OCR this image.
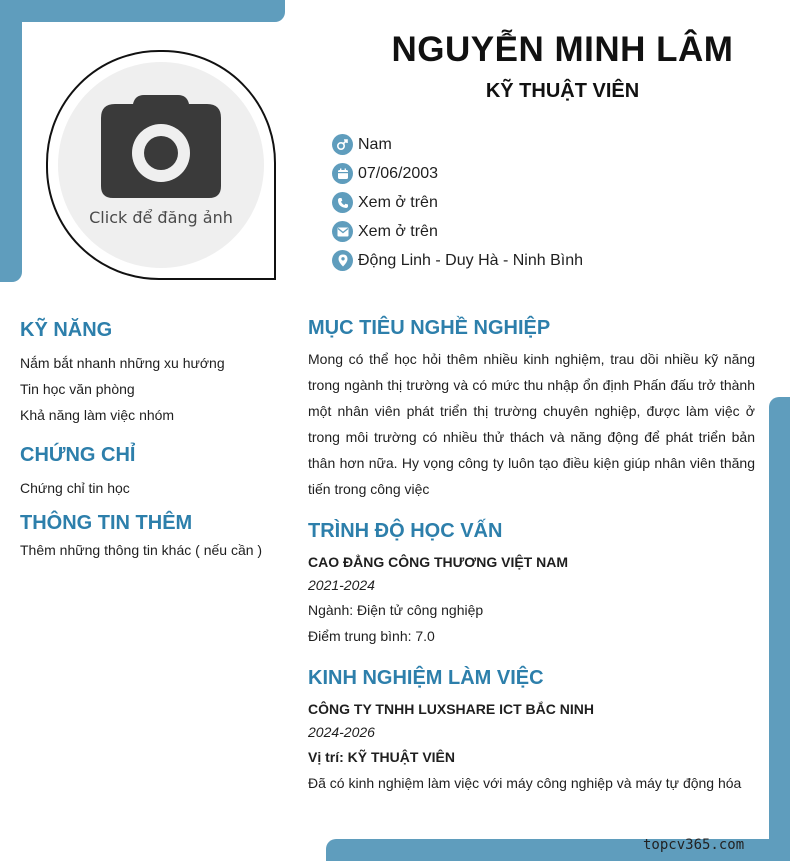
Click để đăng ảnh
NGUYỄN MINH LÂM
KỸ THUẬT VIÊN
Nam
07/06/2003
Xem ở trên
Xem ở trên
Động Linh - Duy Hà - Ninh Bình
KỸ NĂNG
Nắm bắt nhanh những xu hướng
Tin học văn phòng
Khả năng làm việc nhóm
CHỨNG CHỈ
Chứng chỉ tin học
THÔNG TIN THÊM
Thêm những thông tin khác ( nếu cần )
MỤC TIÊU NGHỀ NGHIỆP
Mong có thể học hỏi thêm nhiều kinh nghiệm, trau dồi nhiều kỹ năng trong ngành thị trường và có mức thu nhập ổn định Phấn đấu trở thành một nhân viên phát triển thị trường chuyên nghiệp, được làm việc ở trong môi trường có nhiều thử thách và năng động để phát triển bản thân hơn nữa. Hy vọng công ty luôn tạo điều kiện giúp nhân viên thăng tiến trong công việc
TRÌNH ĐỘ HỌC VẤN
CAO ĐẲNG CÔNG THƯƠNG VIỆT NAM
2021-2024
Ngành: Điện tử công nghiệp
Điểm trung bình: 7.0
KINH NGHIỆM LÀM VIỆC
CÔNG TY TNHH LUXSHARE ICT BẮC NINH
2024-2026
Vị trí: KỸ THUẬT VIÊN
Đã có kinh nghiệm làm việc với máy công nghiệp và máy tự động hóa
topcv365.com
